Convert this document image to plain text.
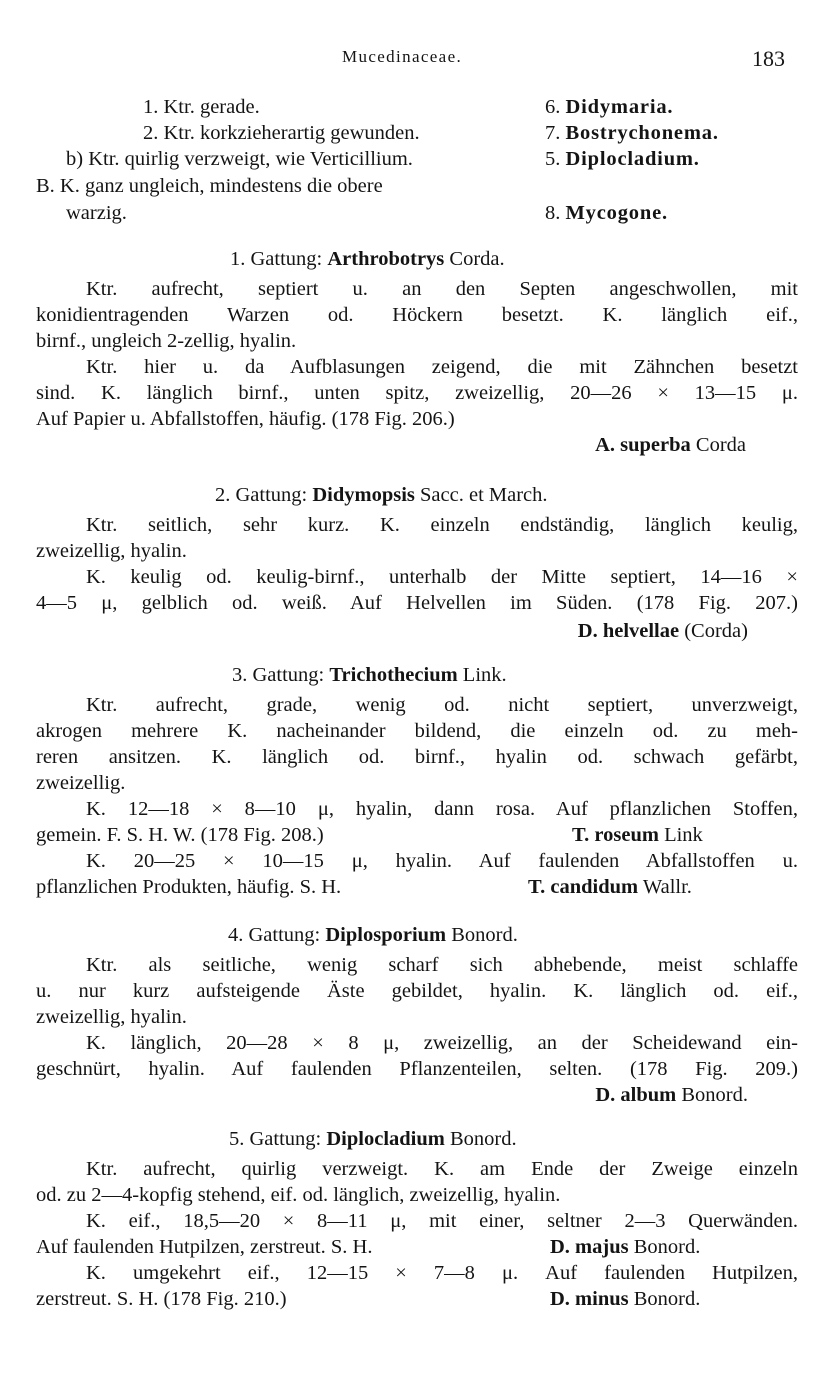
Mucedinaceae.	183
1. Ktr. gerade.	6. Didymaria.
2. Ktr. korkzieherartig gewunden.	7. Bostrychonema.
b) Ktr. quirlig verzweigt, wie Verticillium.	5. Diplocladium.
B. K. ganz ungleich, mindestens die obere
warzig.	8. Mycogone.
1. Gattung: Arthrobotrys Corda.
Ktr. aufrecht, septiert u. an den Septen angeschwollen, mit
konidientragenden Warzen od. Höckern besetzt. K. länglich eif.,
birnf., ungleich 2-zellig, hyalin.
Ktr. hier u. da Aufblasungen zeigend, die mit Zähnchen besetzt
sind. K. länglich birnf., unten spitz, zweizellig, 20—26 × 13—15 μ.
Auf Papier u. Abfallstoffen, häufig. (178 Fig. 206.)
A. superba Corda
2. Gattung: Didymopsis Sacc. et March.
Ktr. seitlich, sehr kurz. K. einzeln endständig, länglich keulig,
zweizellig, hyalin.
K. keulig od. keulig-birnf., unterhalb der Mitte septiert, 14—16 ×
4—5 μ, gelblich od. weiß. Auf Helvellen im Süden. (178 Fig. 207.)
D. helvellae (Corda)
3. Gattung: Trichothecium Link.
Ktr. aufrecht, grade, wenig od. nicht septiert, unverzweigt,
akrogen mehrere K. nacheinander bildend, die einzeln od. zu meh-
reren ansitzen. K. länglich od. birnf., hyalin od. schwach gefärbt,
zweizellig.
K. 12—18 × 8—10 μ, hyalin, dann rosa. Auf pflanzlichen Stoffen,
gemein. F. S. H. W. (178 Fig. 208.)	T. roseum Link
K. 20—25 × 10—15 μ, hyalin. Auf faulenden Abfallstoffen u.
pflanzlichen Produkten, häufig. S. H.	T. candidum Wallr.
4. Gattung: Diplosporium Bonord.
Ktr. als seitliche, wenig scharf sich abhebende, meist schlaffe
u. nur kurz aufsteigende Äste gebildet, hyalin. K. länglich od. eif.,
zweizellig, hyalin.
K. länglich, 20—28 × 8 μ, zweizellig, an der Scheidewand ein-
geschnürt, hyalin. Auf faulenden Pflanzenteilen, selten. (178 Fig. 209.)
D. album Bonord.
5. Gattung: Diplocladium Bonord.
Ktr. aufrecht, quirlig verzweigt. K. am Ende der Zweige einzeln
od. zu 2—4-kopfig stehend, eif. od. länglich, zweizellig, hyalin.
K. eif., 18,5—20 × 8—11 μ, mit einer, seltner 2—3 Querwänden.
Auf faulenden Hutpilzen, zerstreut. S. H.	D. majus Bonord.
K. umgekehrt eif., 12—15 × 7—8 μ. Auf faulenden Hutpilzen,
zerstreut. S. H. (178 Fig. 210.)	D. minus Bonord.
